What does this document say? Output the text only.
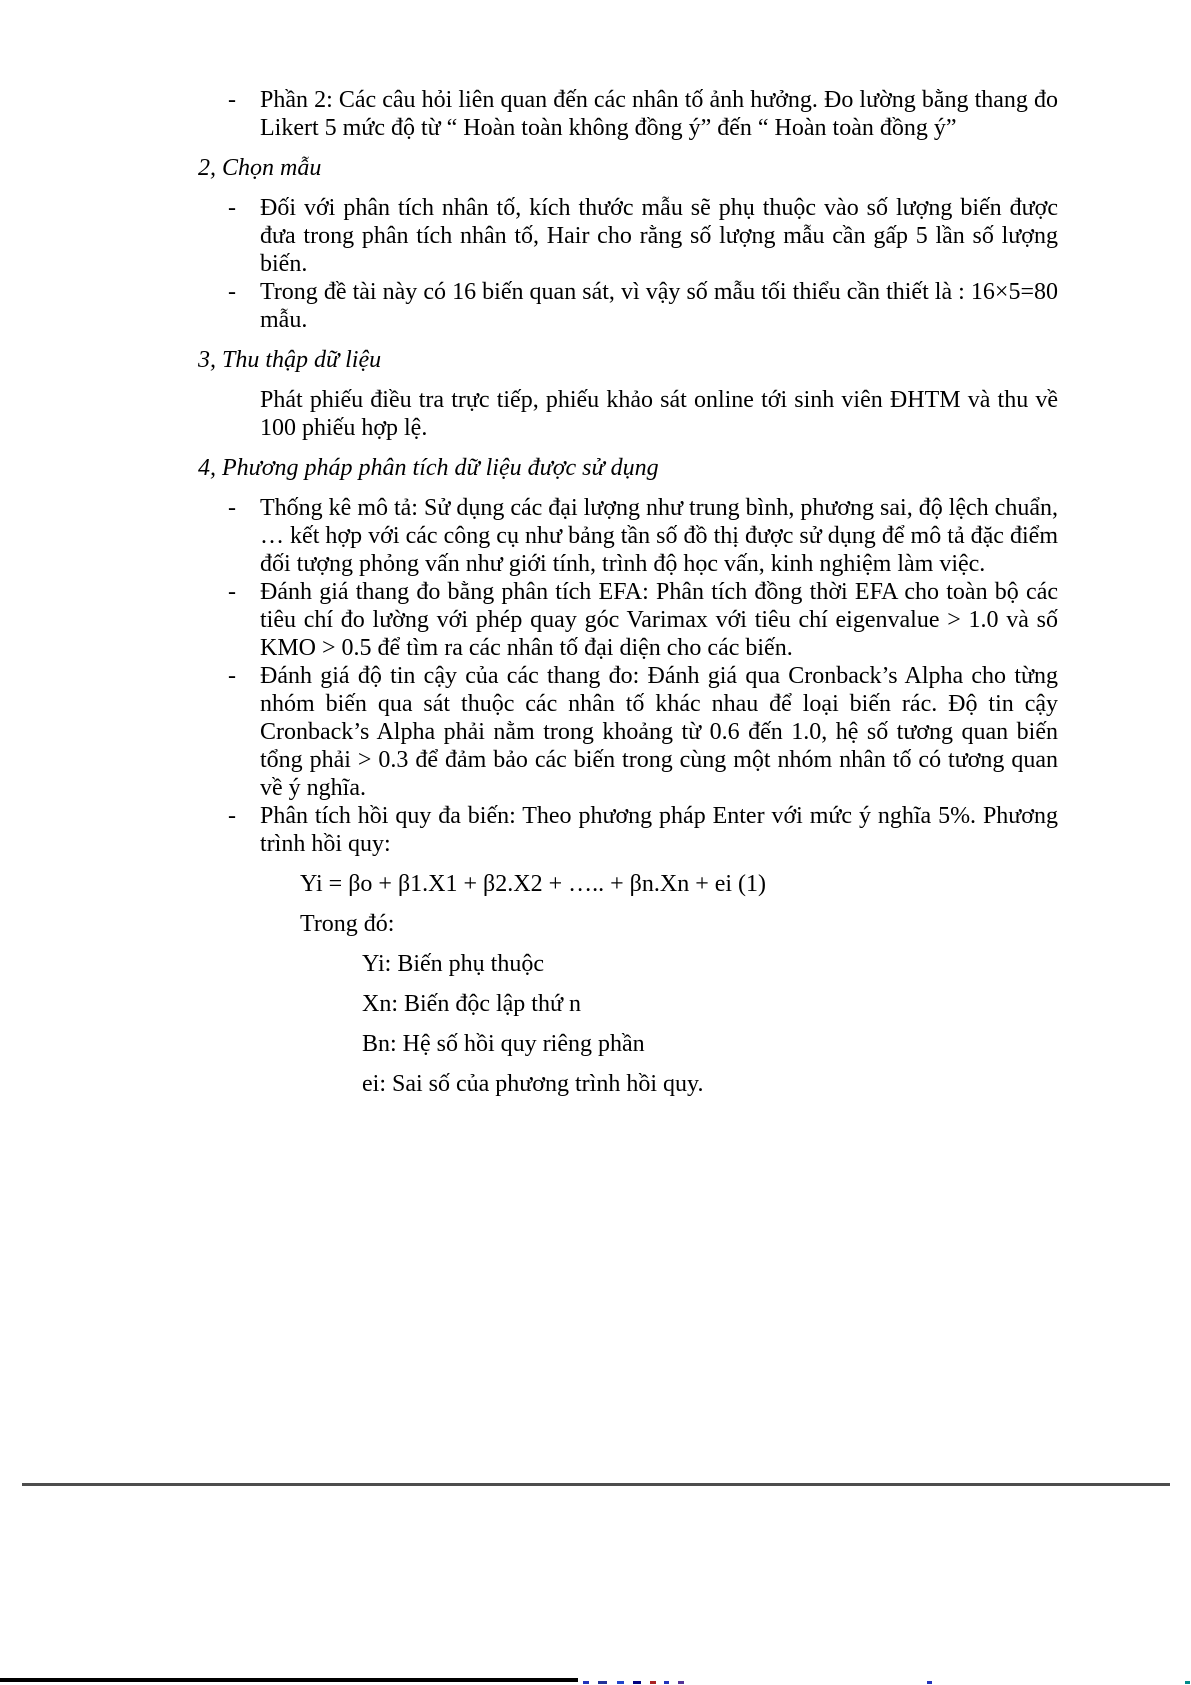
- Phần 2: Các câu hỏi liên quan đến các nhân tố ảnh hưởng. Đo lường bằng thang đo Likert 5 mức độ từ “ Hoàn toàn không đồng ý” đến “ Hoàn toàn đồng ý”
2, Chọn mẫu
- Đối với phân tích nhân tố, kích thước mẫu sẽ phụ thuộc vào số lượng biến được đưa trong phân tích nhân tố, Hair cho rằng số lượng mẫu cần gấp 5 lần số lượng biến.
- Trong đề tài này có 16 biến quan sát, vì vậy số mẫu tối thiểu cần thiết là : 16×5=80 mẫu.
3, Thu thập dữ liệu
Phát phiếu điều tra trực tiếp, phiếu khảo sát online tới sinh viên ĐHTM và thu về 100 phiếu hợp lệ.
4, Phương pháp phân tích dữ liệu được sử dụng
- Thống kê mô tả: Sử dụng các đại lượng như trung bình, phương sai, độ lệch chuẩn, … kết hợp với các công cụ như bảng tần số đồ thị được sử dụng để mô tả đặc điểm đối tượng phỏng vấn như giới tính, trình độ học vấn, kinh nghiệm làm việc.
- Đánh giá thang đo bằng phân tích EFA: Phân tích đồng thời EFA cho toàn bộ các tiêu chí đo lường với phép quay góc Varimax với tiêu chí eigenvalue > 1.0 và số KMO > 0.5 để tìm ra các nhân tố đại diện cho các biến.
- Đánh giá độ tin cậy của các thang đo: Đánh giá qua Cronback’s Alpha cho từng nhóm biến qua sát thuộc các nhân tố khác nhau để loại biến rác. Độ tin cậy Cronback’s Alpha phải nằm trong khoảng từ 0.6 đến 1.0, hệ số tương quan biến tổng phải > 0.3 để đảm bảo các biến trong cùng một nhóm nhân tố có tương quan về ý nghĩa.
- Phân tích hồi quy đa biến: Theo phương pháp Enter với mức ý nghĩa 5%. Phương trình hồi quy:
Yi = βo + β1.X1 + β2.X2 + ….. + βn.Xn + ei (1)
Trong đó:
Yi: Biến phụ thuộc
Xn: Biến độc lập thứ n
Bn: Hệ số hồi quy riêng phần
ei: Sai số của phương trình hồi quy.
